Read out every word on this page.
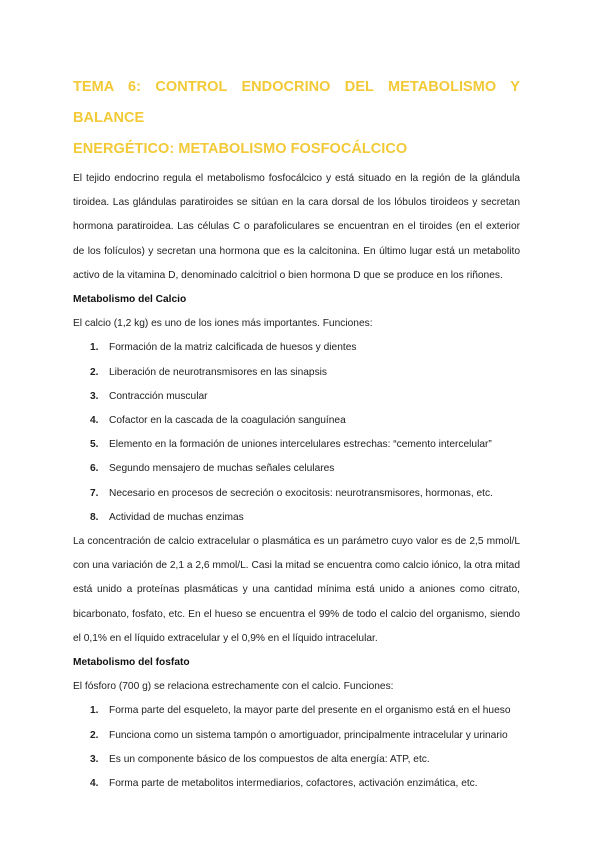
TEMA 6: CONTROL ENDOCRINO DEL METABOLISMO Y BALANCE
ENERGÉTICO: METABOLISMO FOSFOCÁLCICO

El tejido endocrino regula el metabolismo fosfocálcico y está situado en la región de la glándula tiroidea. Las glándulas paratiroides se sitúan en la cara dorsal de los lóbulos tiroideos y secretan hormona paratiroidea. Las células C o parafoliculares se encuentran en el tiroides (en el exterior de los folículos) y secretan una hormona que es la calcitonina. En último lugar está un metabolito activo de la vitamina D, denominado calcitriol o bien hormona D que se produce en los riñones.

Metabolismo del Calcio

El calcio (1,2 kg) es uno de los iones más importantes. Funciones:

1.	Formación de la matriz calcificada de huesos y dientes
2.	Liberación de neurotransmisores en las sinapsis
3.	Contracción muscular
4.	Cofactor en la cascada de la coagulación sanguínea
5.	Elemento en la formación de uniones intercelulares estrechas: “cemento intercelular”
6.	Segundo mensajero de muchas señales celulares
7.	Necesario en procesos de secreción o exocitosis: neurotransmisores, hormonas, etc.
8.	Actividad de muchas enzimas

La concentración de calcio extracelular o plasmática es un parámetro cuyo valor es de 2,5 mmol/L con una variación de 2,1 a 2,6 mmol/L. Casi la mitad se encuentra como calcio iónico, la otra mitad está unido a proteínas plasmáticas y una cantidad mínima está unido a aniones como citrato, bicarbonato, fosfato, etc. En el hueso se encuentra el 99% de todo el calcio del organismo, siendo el 0,1% en el líquido extracelular y el 0,9% en el líquido intracelular.

Metabolismo del fosfato

El fósforo (700 g) se relaciona estrechamente con el calcio. Funciones:

1.	Forma parte del esqueleto, la mayor parte del presente en el organismo está en el hueso
2.	Funciona como un sistema tampón o amortiguador, principalmente intracelular y urinario
3.	Es un componente básico de los compuestos de alta energía: ATP, etc.
4.	Forma parte de metabolitos intermediarios, cofactores, activación enzimática, etc.
